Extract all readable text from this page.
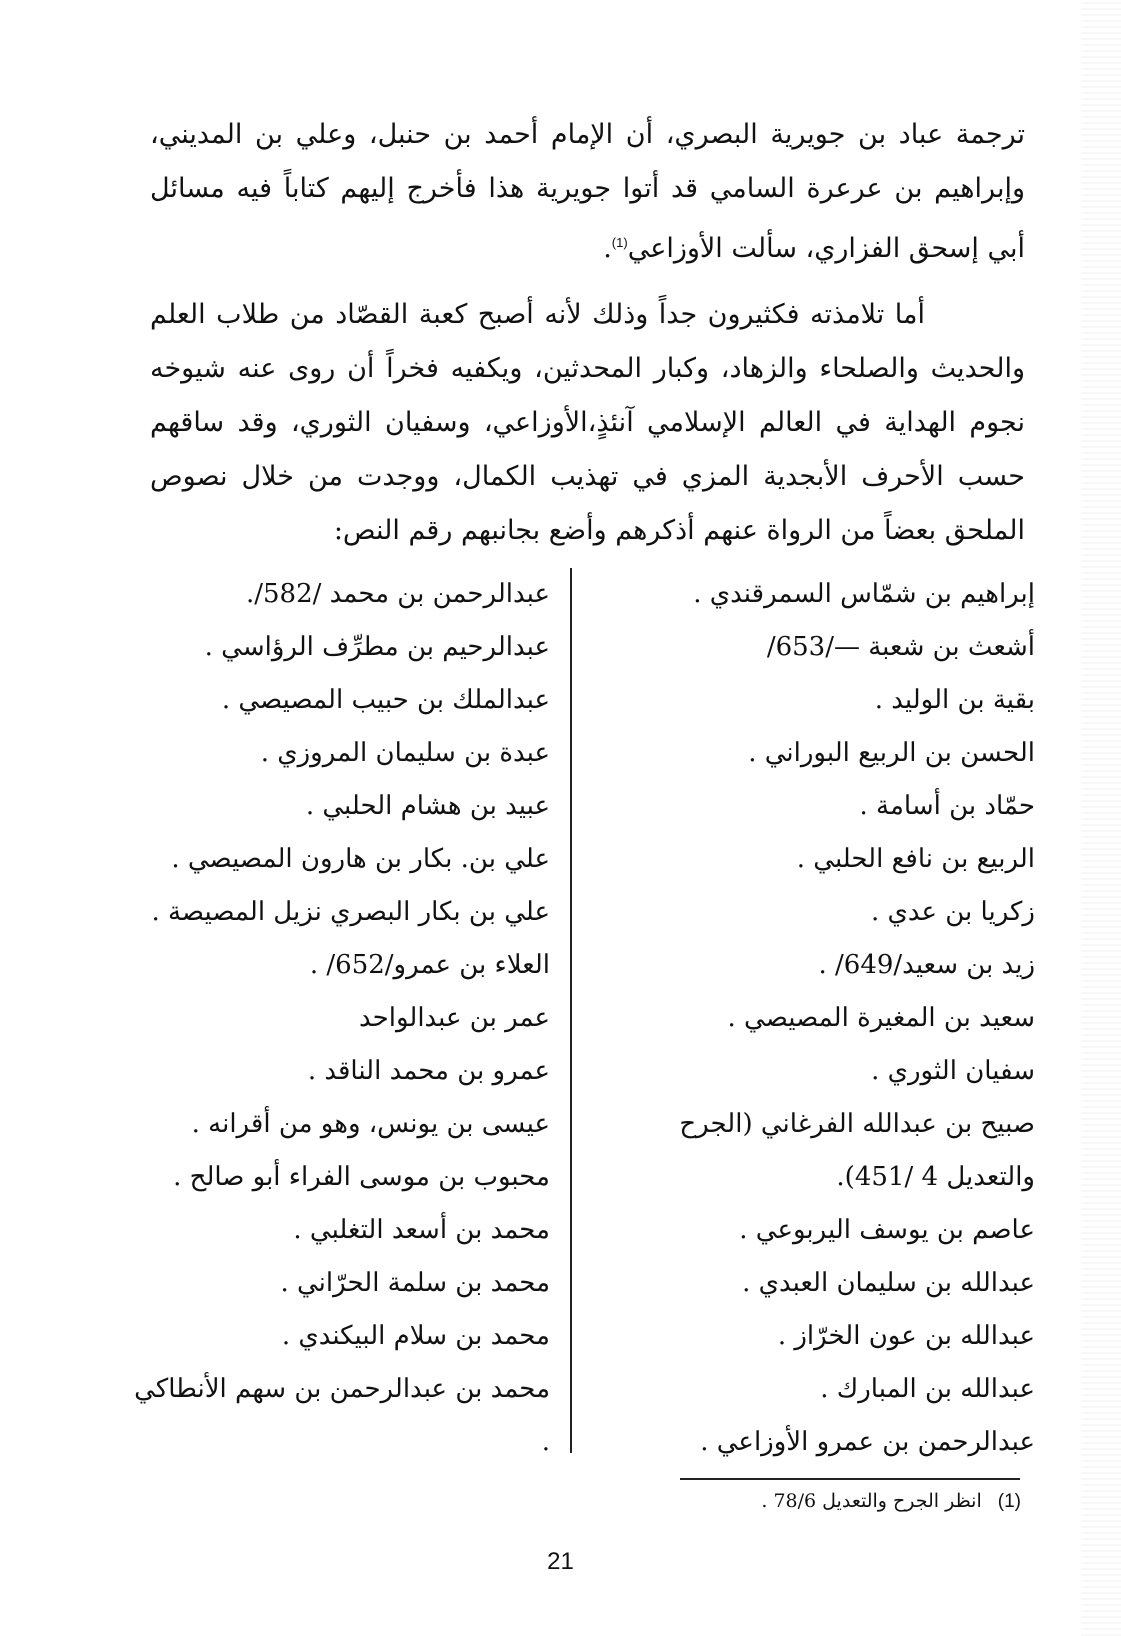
ترجمة عباد بن جويرية البصري، أن الإمام أحمد بن حنبل، وعلي بن المديني، وإبراهيم بن عرعرة السامي قد أتوا جويرية هذا فأخرج إليهم كتاباً فيه مسائل أبي إسحق الفزاري، سألت الأوزاعي$^{(1)}$.

أما تلامذته فكثيرون جداً وذلك لأنه أصبح كعبة القصّاد من طلاب العلم والحديث والصلحاء والزهاد، وكبار المحدثين، ويكفيه فخراً أن روى عنه شيوخه نجوم الهداية في العالم الإسلامي آنئذٍ،الأوزاعي، وسفيان الثوري، وقد ساقهم حسب الأحرف الأبجدية المزي في تهذيب الكمال، ووجدت من خلال نصوص الملحق بعضاً من الرواة عنهم أذكرهم وأضع بجانبهم رقم النص:

إبراهيم بن شمّاس السمرقندي .
أشعث بن شعبة —/653/
بقية بن الوليد .
الحسن بن الربيع البوراني .
حمّاد بن أسامة .
الربيع بن نافع الحلبي .
زكريا بن عدي .
زيد بن سعيد/649/ .
سعيد بن المغيرة المصيصي .
سفيان الثوري .
صبيح بن عبدالله الفرغاني (الجرح والتعديل 4 /451).
عاصم بن يوسف اليربوعي .
عبدالله بن سليمان العبدي .
عبدالله بن عون الخرّاز .
عبدالله بن المبارك .
عبدالرحمن بن عمرو الأوزاعي .
عبدالرحمن بن محمد /582/.
عبدالرحيم بن مطرِّف الرؤاسي .
عبدالملك بن حبيب المصيصي .
عبدة بن سليمان المروزي .
عبيد بن هشام الحلبي .
علي بن. بكار بن هارون المصيصي .
علي بن بكار البصري نزيل المصيصة .
العلاء بن عمرو/652/ .
عمر بن عبدالواحد
عمرو بن محمد الناقد .
عيسى بن يونس، وهو من أقرانه .
محبوب بن موسى الفراء أبو صالح .
محمد بن أسعد التغلبي .
محمد بن سلمة الحرّاني .
محمد بن سلام البيكندي .
محمد بن عبدالرحمن بن سهم الأنطاكي .
(1)انظر الجرح والتعديل 78/6 .
21
